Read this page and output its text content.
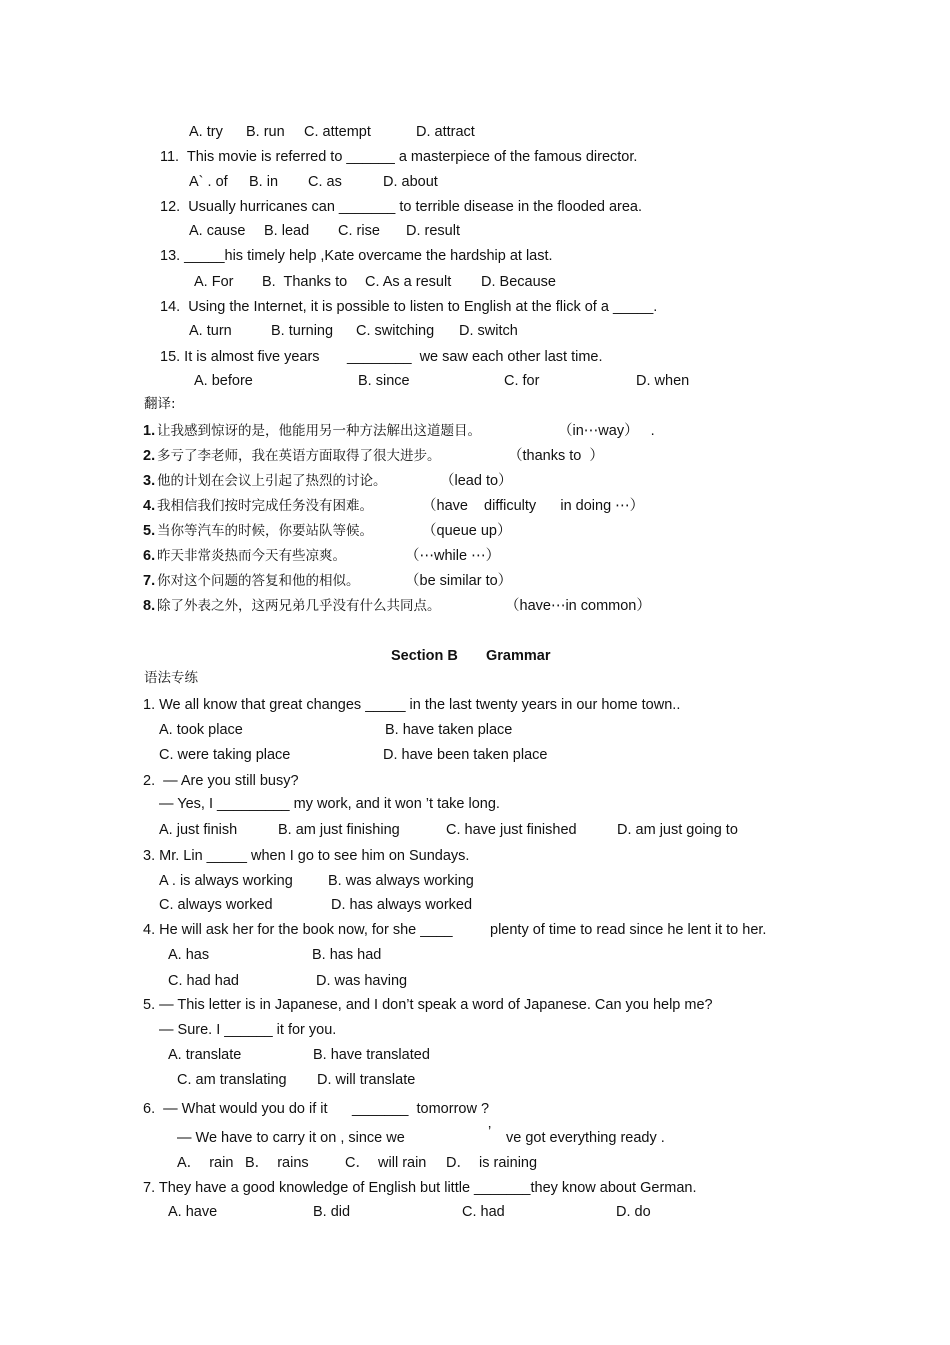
A. try B. run C. attempt	D. attract
11.  This movie is referred to ______ a masterpiece of the famous director.
A` . of B. in C. as	D. about
12.  Usually hurricanes can _______ to terrible disease in the flooded area.
A. cause B. lead C. rise D. result
13. _____his timely help ,Kate overcame the hardship at last.
A. For B.  Thanks to C. As a result D. Because
14.  Using the Internet, it is possible to listen to English at the flick of a _____.
A. turn	B. turning C. switching D. switch
15. It is almost five years ________  we saw each other last time.
A. before	B. since	C. for	D. when
翻译:
1. 让我感到惊讶的是，他能用另一种方法解出这道题目。	（in⋯way）   .
2. 多亏了李老师，我在英语方面取得了很大进步。	（thanks to  ）
3. 他的计划在会议上引起了热烈的讨论。	（lead to）
4. 我相信我们按时完成任务没有困难。	（have    difficulty      in doing ⋯）
5. 当你等汽车的时候，你要站队等候。	（queue up）
6. 昨天非常炎热而今天有些凉爽。	（⋯while ⋯）
7. 你对这个问题的答复和他的相似。	（be similar to）
8. 除了外表之外，这两兄弟几乎没有什么共同点。	（have⋯in common）
Section B Grammar
语法专练
1. We all know that great changes _____ in the last twenty years in our home town..
A. took place	B. have taken place
C. were taking place	D. have been taken place
2.  — Are you still busy?
— Yes, I _________ my work, and it won ’t take long.
A. just finish	B. am just finishing	C. have just finished	D. am just going to
3. Mr. Lin _____ when I go to see him on Sundays.
A . is always working B. was always working
C. always worked	D. has always worked
4. He will ask her for the book now, for she ____	plenty of time to read since he lent it to her.
A. has	B. has had
C. had had	D. was having
5. — This letter is in Japanese, and I don’t speak a word of Japanese. Can you help me?
— Sure. I ______ it for you.
A. translate	B. have translated
C. am translating D. will translate
6.  — What would you do if it _______  tomorrow ?
— We have to carry it on , since we	’ ve got everything ready .
A．  rain B．  rains	C．  will rain D．  is raining
7. They have a good knowledge of English but little _______they know about German.
A. have	B. did	C. had	D. do
